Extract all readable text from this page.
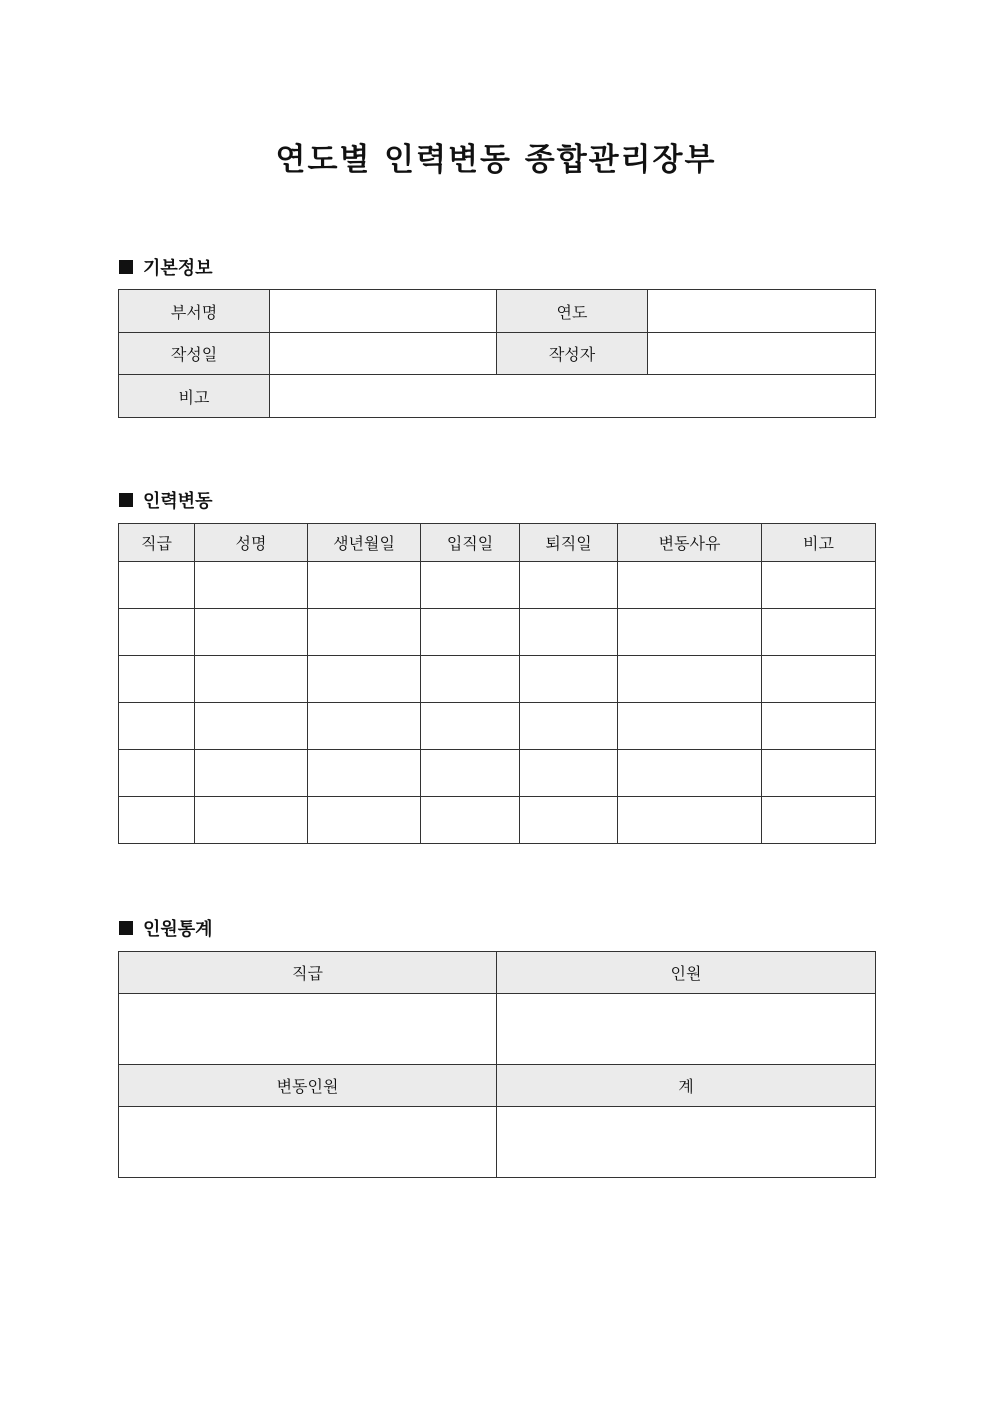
연도별 인력변동 종합관리장부
기본정보
부서명		연도	
작성일		작성자	
비고			
인력변동
직급	성명	생년월일	입직일	퇴직일	변동사유	비고

인원통계
직급	인원

변동인원	계
